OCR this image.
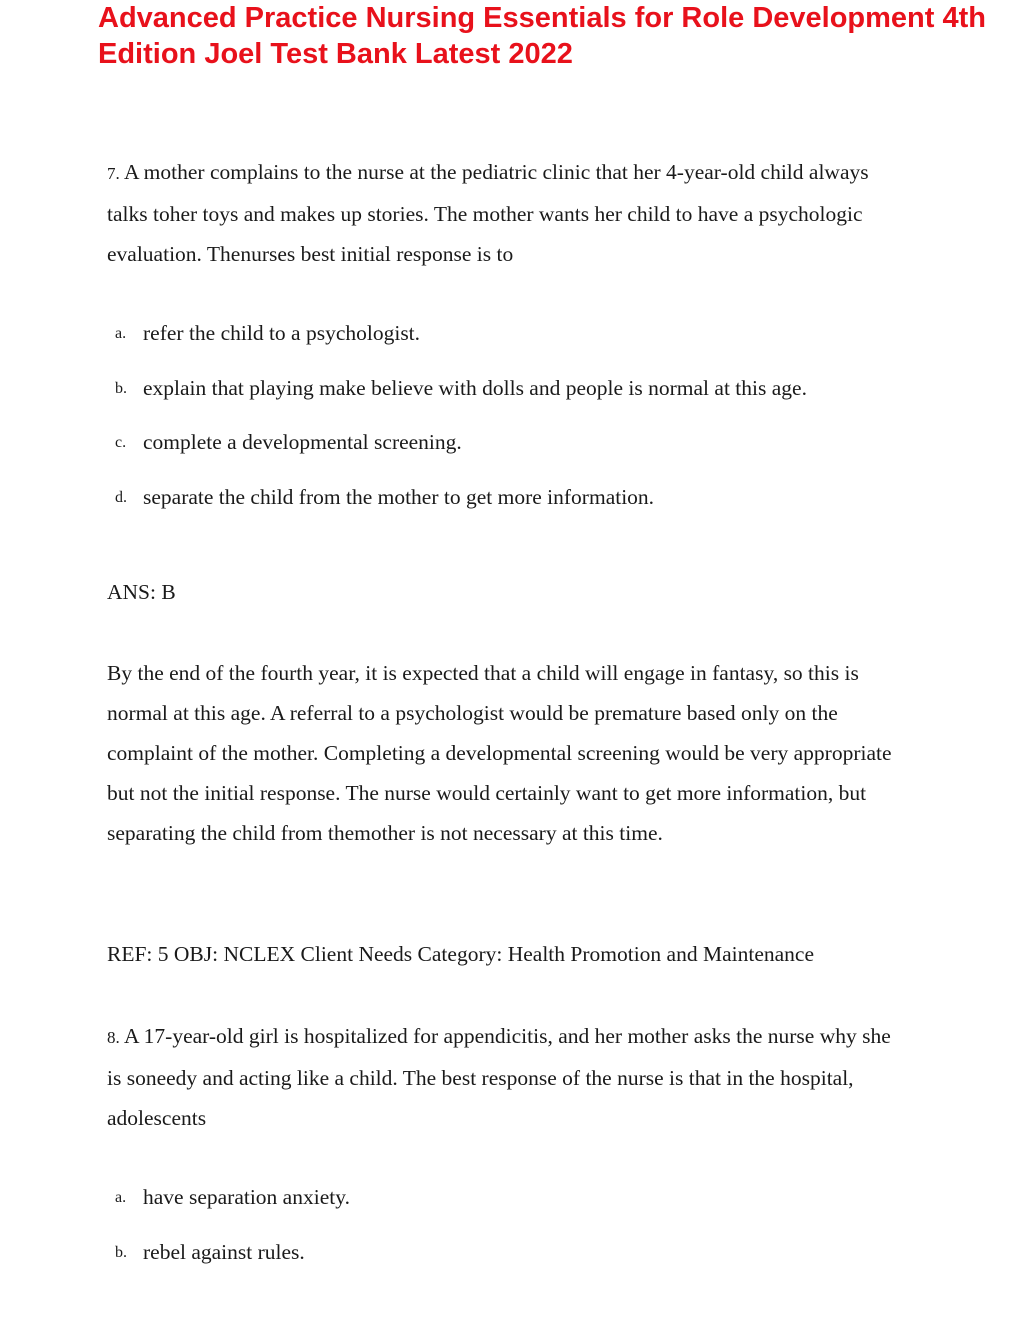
Advanced Practice Nursing Essentials for Role Development 4th Edition Joel Test Bank Latest 2022

7. A mother complains to the nurse at the pediatric clinic that her 4-year-old child always talks toher toys and makes up stories. The mother wants her child to have a psychologic evaluation. Thenurses best initial response is to

a. refer the child to a psychologist.
b. explain that playing make believe with dolls and people is normal at this age.
c. complete a developmental screening.
d. separate the child from the mother to get more information.
ANS: B

By the end of the fourth year, it is expected that a child will engage in fantasy, so this is normal at this age. A referral to a psychologist would be premature based only on the complaint of the mother. Completing a developmental screening would be very appropriate but not the initial response. The nurse would certainly want to get more information, but separating the child from themother is not necessary at this time.

REF: 5 OBJ: NCLEX Client Needs Category: Health Promotion and Maintenance

8. A 17-year-old girl is hospitalized for appendicitis, and her mother asks the nurse why she is soneedy and acting like a child. The best response of the nurse is that in the hospital, adolescents

a. have separation anxiety.
b. rebel against rules.
